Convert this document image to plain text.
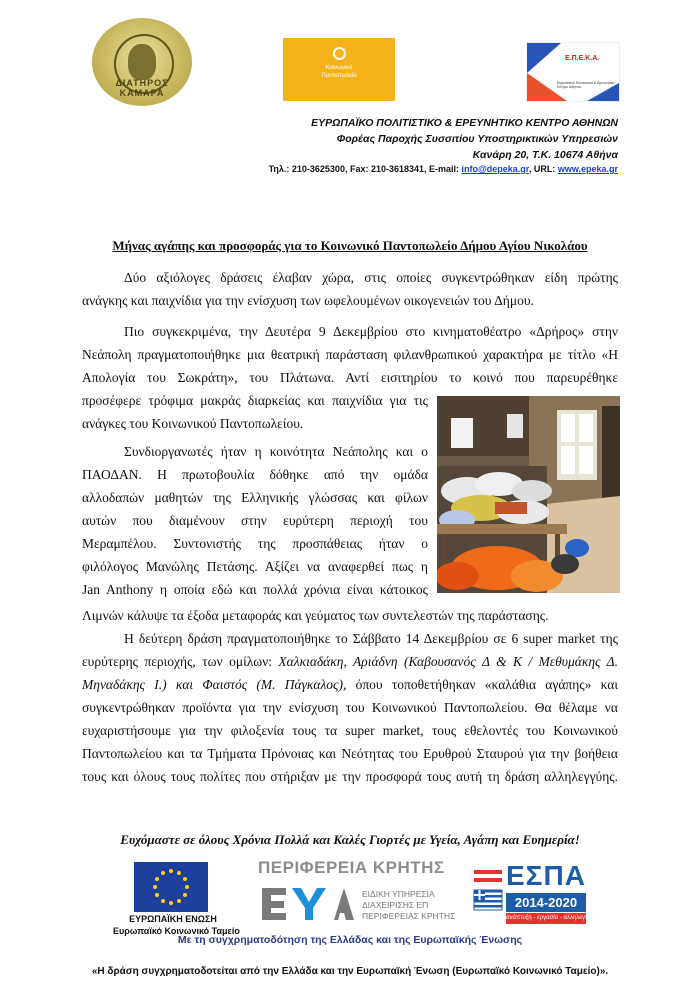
ΔΙΑΤΗΡΟΣ ΚΑΜΑΡΑ
Κοινωνικό
Παντοπωλείο
Ε.Π.Ε.Κ.Α.
Ευρωπαϊκό Πολιτιστικό & Ερευνητικό Κέντρο Αθηνών
ΕΥΡΩΠΑΪΚΟ ΠΟΛΙΤΙΣΤΙΚΟ & ΕΡΕΥΝΗΤΙΚΟ ΚΕΝΤΡΟ ΑΘΗΝΩΝ
Φορέας Παροχής Συσσιτίου Υποστηρικτικών Υπηρεσιών
Κανάρη 20, Τ.Κ. 10674 Αθήνα
Τηλ.: 210-3625300, Fax: 210-3618341, E-mail: info@depeka.gr, URL: www.epeka.gr
Μήνας αγάπης και προσφοράς για το Κοινωνικό Παντοπωλείο Δήμου Αγίου Νικολάου
Δύο αξιόλογες δράσεις έλαβαν χώρα, στις οποίες συγκεντρώθηκαν είδη πρώτης
ανάγκης και παιχνίδια για την ενίσχυση των ωφελουμένων οικογενειών του Δήμου.
Πιο συγκεκριμένα, την Δευτέρα 9 Δεκεμβρίου στο κινηματοθέατρο «Δρήρος» στην
Νεάπολη πραγματοποιήθηκε μια θεατρική παράσταση φιλανθρωπικού χαρακτήρα με τίτλο «Η
Απολογία του Σωκράτη», του Πλάτωνα. Αντί εισιτηρίου το κοινό που παρευρέθηκε
προσέφερε τρόφιμα μακράς διαρκείας και παιχνίδια για τις
ανάγκες του Κοινωνικού Παντοπωλείου.
Συνδιοργανωτές ήταν η κοινότητα Νεάπολης και ο
ΠΑΟΔΑΝ. Η πρωτοβουλία δόθηκε από την ομάδα
αλλοδαπών μαθητών της Ελληνικής γλώσσας και φίλων
αυτών που διαμένουν στην ευρύτερη περιοχή του
Μεραμπέλου. Συντονιστής της προσπάθειας ήταν ο
φιλόλογος Μανώλης Πετάσης. Αξίζει να αναφερθεί πως η
Jan Anthony η οποία εδώ και πολλά χρόνια είναι κάτοικος
Λιμνών κάλυψε τα έξοδα μεταφοράς και γεύματος των συντελεστών της παράστασης.
Η δεύτερη δράση πραγματοποιήθηκε το Σάββατο 14 Δεκεμβρίου σε 6 super market της
ευρύτερης περιοχής, των ομίλων: Χαλκιαδάκη, Αριάδνη (Καβουσανός Δ & Κ / Μεθυμάκης Δ.
Μηναδάκης Ι.) και Φαιστός (Μ. Πάγκαλος), όπου τοποθετήθηκαν «καλάθια αγάπης» και
συγκεντρώθηκαν προϊόντα για την ενίσχυση του Κοινωνικού Παντοπωλείου. Θα θέλαμε να
ευχαριστήσουμε για την φιλοξενία τους τα super market, τους εθελοντές του Κοινωνικού
Παντοπωλείου και τα Τμήματα Πρόνοιας και Νεότητας του Ερυθρού Σταυρού για την βοήθεια
τους και όλους τους πολίτες που στήριξαν με την προσφορά τους αυτή τη δράση αλληλεγγύης.
Ευχόμαστε σε όλους Χρόνια Πολλά και Καλές Γιορτές με Υγεία, Αγάπη και Ευημερία!
ΕΥΡΩΠΑΪΚΗ ΕΝΩΣΗ
Ευρωπαϊκό Κοινωνικό Ταμείο
ΠΕΡΙΦΕΡΕΙΑ ΚΡΗΤΗΣ
ΕΙΔΙΚΗ ΥΠΗΡΕΣΙΑ
ΔΙΑΧΕΙΡΙΣΗΣ ΕΠ
ΠΕΡΙΦΕΡΕΙΑΣ ΚΡΗΤΗΣ
ΕΣΠΑ
2014-2020
ανάπτυξη - εργασία - αλληλεγγύη
Με τη συγχρηματοδότηση της Ελλάδας και της Ευρωπαϊκής Ένωσης
«Η δράση συγχρηματοδοτείται από την Ελλάδα και την Ευρωπαϊκή Ένωση (Ευρωπαϊκό Κοινωνικό Ταμείο)».
